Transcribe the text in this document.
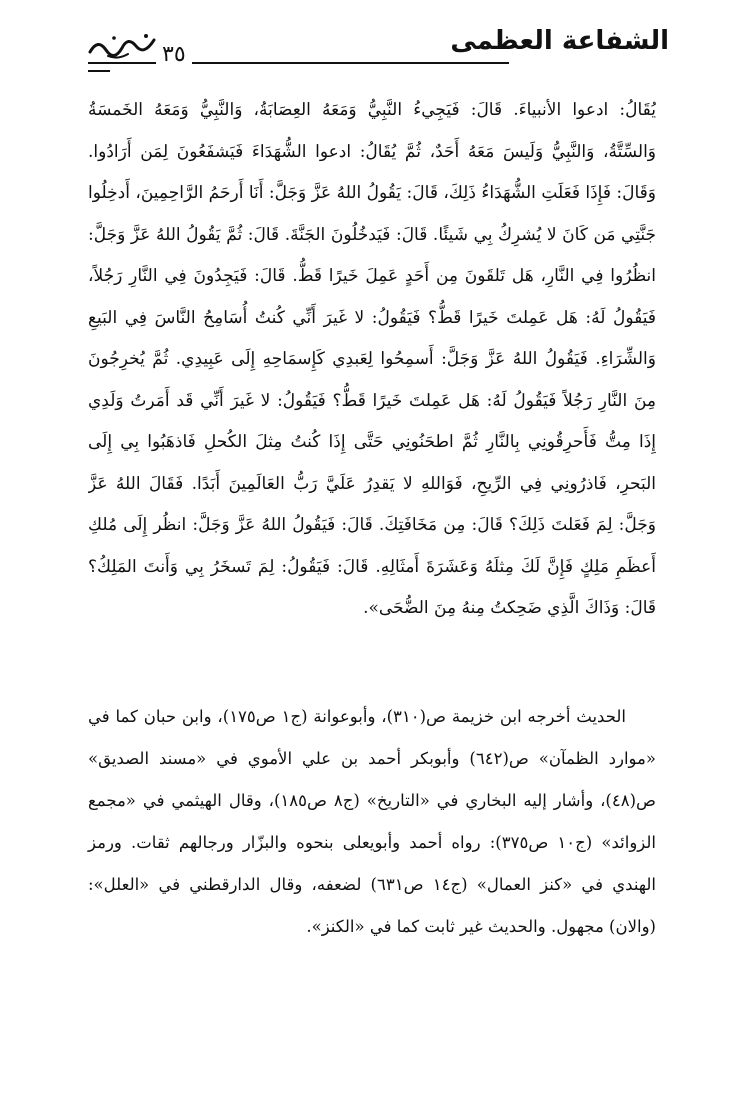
الشفاعة العظمى
٣٥

يُقَالُ: ادعوا الأنبياءَ. قَالَ: فَيَجِيءُ النَّبِيُّ وَمَعَهُ العِصَابَةُ، وَالنَّبِيُّ وَمَعَهُ الخَمسَةُ وَالسِّتَّةُ، وَالنَّبِيُّ وَلَيسَ مَعَهُ أَحَدٌ، ثُمَّ يُقَالُ: ادعوا الشُّهَدَاءَ فَيَشفَعُونَ لِمَن أَرَادُوا. وَقَالَ: فَإِذَا فَعَلَتِ الشُّهَدَاءُ ذَلِكَ، قَالَ: يَقُولُ اللهُ عَزَّ وَجَلَّ: أَنَا أَرحَمُ الرَّاحِمِينَ، أَدخِلُوا جَنَّتِي مَن كَانَ لا يُشرِكُ بِي شَيئًا. قَالَ: فَيَدخُلُونَ الجَنَّةَ. قَالَ: ثُمَّ يَقُولُ اللهُ عَزَّ وَجَلَّ: انظُرُوا فِي النَّارِ، هَل تَلقَونَ مِن أَحَدٍ عَمِلَ خَيرًا قَطُّ. قَالَ: فَيَجِدُونَ فِي النَّارِ رَجُلاً، فَيَقُولُ لَهُ: هَل عَمِلتَ خَيرًا قَطُّ؟ فَيَقُولُ: لا غَيرَ أَنِّي كُنتُ أُسَامِحُ النَّاسَ فِي البَيعِ وَالشِّرَاءِ. فَيَقُولُ اللهُ عَزَّ وَجَلَّ: أَسمِحُوا لِعَبدِي كَإِسمَاحِهِ إِلَى عَبِيدِي. ثُمَّ يُخرِجُونَ مِنَ النَّارِ رَجُلاً فَيَقُولُ لَهُ: هَل عَمِلتَ خَيرًا قَطُّ؟ فَيَقُولُ: لا غَيرَ أَنِّي قَد أَمَرتُ وَلَدِي إِذَا مِتُّ فَأَحرِقُونِي بِالنَّارِ ثُمَّ اطحَنُونِي حَتَّى إِذَا كُنتُ مِثلَ الكُحلِ فَاذهَبُوا بِي إِلَى البَحرِ، فَاذرُونِي فِي الرِّيحِ، فَوَاللهِ لا يَقدِرُ عَلَيَّ رَبُّ العَالَمِينَ أَبَدًا. فَقَالَ اللهُ عَزَّ وَجَلَّ: لِمَ فَعَلتَ ذَلِكَ؟ قَالَ: مِن مَخَافَتِكَ. قَالَ: فَيَقُولُ اللهُ عَزَّ وَجَلَّ: انظُر إِلَى مُلكِ أَعظَمِ مَلِكٍ فَإِنَّ لَكَ مِثلَهُ وَعَشَرَةَ أَمثَالِهِ. قَالَ: فَيَقُولُ: لِمَ تَسخَرُ بِي وَأَنتَ المَلِكُ؟ قَالَ: وَذَاكَ الَّذِي ضَحِكتُ مِنهُ مِنَ الضُّحَى».

الحديث أخرجه ابن خزيمة ص(٣١٠)، وأبوعوانة (ج١ ص١٧٥)، وابن حبان كما في «موارد الظمآن» ص(٦٤٢) وأبوبكر أحمد بن علي الأموي في «مسند الصديق» ص(٤٨)، وأشار إليه البخاري في «التاريخ» (ج٨ ص١٨٥)، وقال الهيثمي في «مجمع الزوائد» (ج١٠ ص٣٧٥): رواه أحمد وأبويعلى بنحوه والبزّار ورجالهم ثقات. ورمز الهندي في «كنز العمال» (ج١٤ ص٦٣١) لضعفه، وقال الدارقطني في «العلل»: (والان) مجهول. والحديث غير ثابت كما في «الكنز».
